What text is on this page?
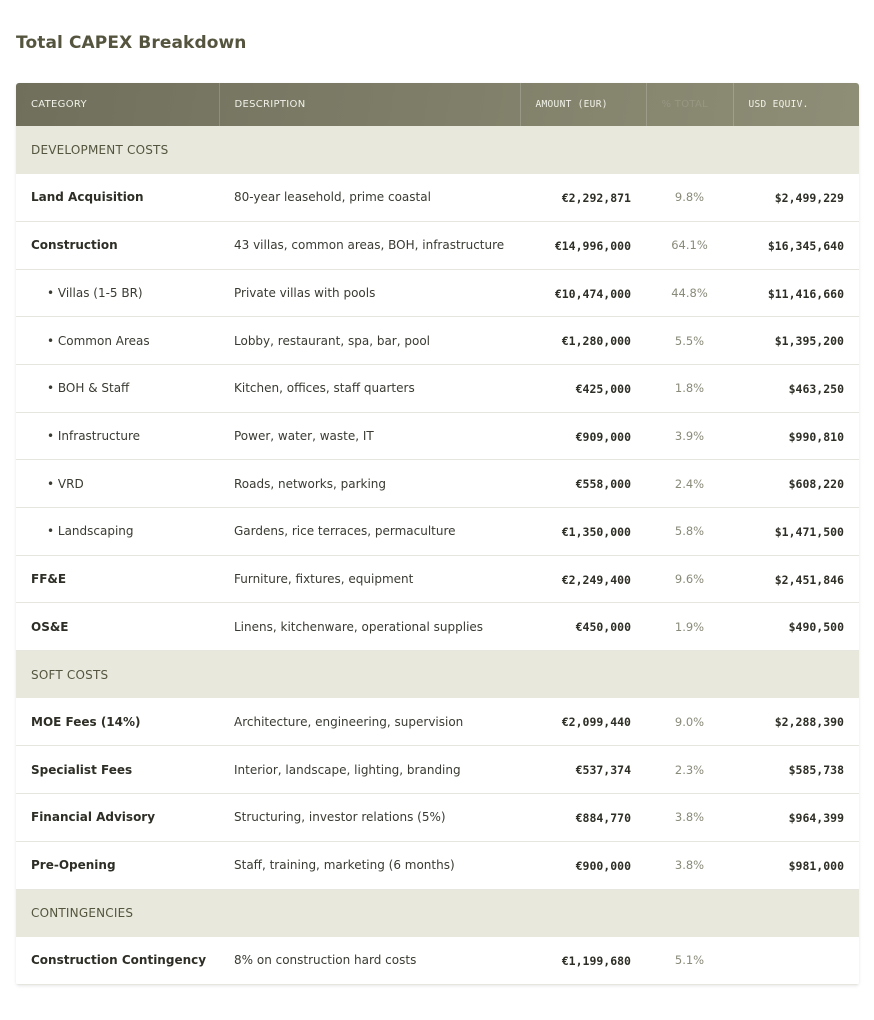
Total CAPEX Breakdown
CATEGORY	DESCRIPTION	AMOUNT (EUR)	% TOTAL	USD EQUIV.
DEVELOPMENT COSTS				
Land Acquisition	80-year leasehold, prime coastal	€2,292,871	9.8%	$2,499,229
Construction	43 villas, common areas, BOH, infrastructure	€14,996,000	64.1%	$16,345,640
• Villas (1-5 BR)	Private villas with pools	€10,474,000	44.8%	$11,416,660
• Common Areas	Lobby, restaurant, spa, bar, pool	€1,280,000	5.5%	$1,395,200
• BOH & Staff	Kitchen, offices, staff quarters	€425,000	1.8%	$463,250
• Infrastructure	Power, water, waste, IT	€909,000	3.9%	$990,810
• VRD	Roads, networks, parking	€558,000	2.4%	$608,220
• Landscaping	Gardens, rice terraces, permaculture	€1,350,000	5.8%	$1,471,500
FF&E	Furniture, fixtures, equipment	€2,249,400	9.6%	$2,451,846
OS&E	Linens, kitchenware, operational supplies	€450,000	1.9%	$490,500
SOFT COSTS				
MOE Fees (14%)	Architecture, engineering, supervision	€2,099,440	9.0%	$2,288,390
Specialist Fees	Interior, landscape, lighting, branding	€537,374	2.3%	$585,738
Financial Advisory	Structuring, investor relations (5%)	€884,770	3.8%	$964,399
Pre-Opening	Staff, training, marketing (6 months)	€900,000	3.8%	$981,000
CONTINGENCIES				
Construction Contingency	8% on construction hard costs	€1,199,680	5.1%	
